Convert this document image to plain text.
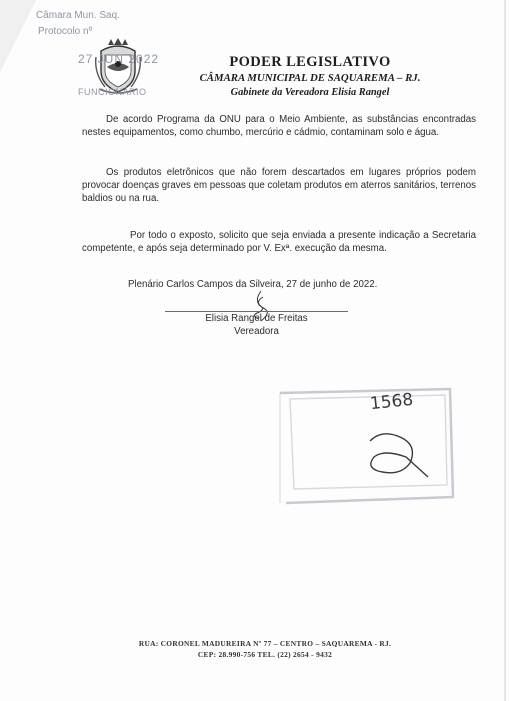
PODER LEGISLATIVO
CÂMARA MUNICIPAL DE SAQUAREMA – RJ.
Gabinete da Vereadora Elisia Rangel
De acordo Programa da ONU para o Meio Ambiente, as substâncias encontradas nestes equipamentos, como chumbo, mercúrio e cádmio, contaminam solo e água.
Os produtos eletrônicos que não forem descartados em lugares próprios podem provocar doenças graves em pessoas que coletam produtos em aterros sanitários, terrenos baldios ou na rua.
Por todo o exposto, solicito que seja enviada a presente indicação a Secretaria competente, e após seja determinado por V. Exª. execução da mesma.
Plenário Carlos Campos da Silveira, 27 de junho de 2022.
Elisia Rangel de Freitas
Vereadora
Câmara Mun. Saq.
Protocolo nº
27 JUN 2022
FUNCIONÁRIO
1568
RUA: CORONEL MADUREIRA Nº 77 – CENTRO – SAQUAREMA - RJ.
CEP: 28.990-756 TEL. (22) 2654 - 9432
